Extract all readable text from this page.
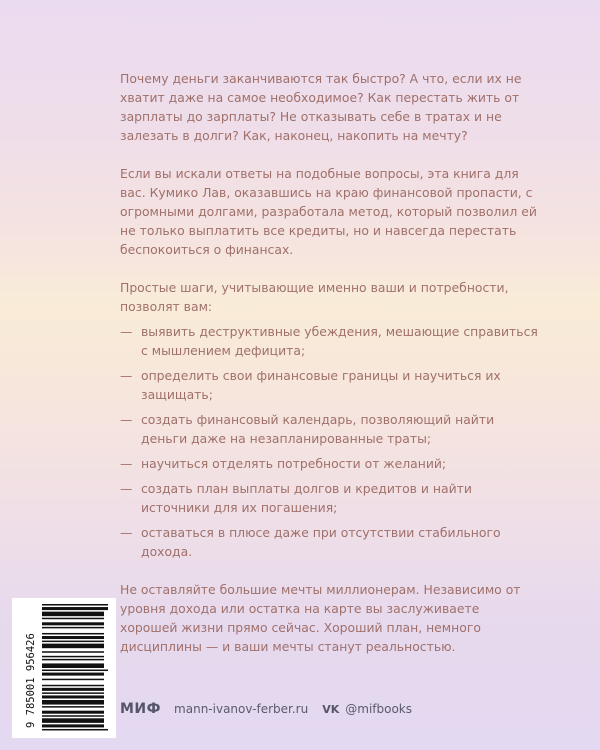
Почему деньги заканчиваются так быстро? А что, если их не хватит даже на самое необходимое? Как перестать жить от зарплаты до зарплаты? Не отказывать себе в тратах и не залезать в долги? Как, наконец, накопить на мечту?

Если вы искали ответы на подобные вопросы, эта книга для вас. Кумико Лав, оказавшись на краю финансовой пропасти, с огромными долгами, разработала метод, который позволил ей не только выплатить все кредиты, но и навсегда перестать беспокоиться о финансах.

Простые шаги, учитывающие именно ваши и потребности, позволят вам:

— выявить деструктивные убеждения, мешающие справиться с мышлением дефицита;
— определить свои финансовые границы и научиться их защищать;
— создать финансовый календарь, позволяющий найти деньги даже на незапланированные траты;
— научиться отделять потребности от желаний;
— создать план выплаты долгов и кредитов и найти источники для их погашения;
— оставаться в плюсе даже при отсутствии стабильного дохода.

Не оставляйте большие мечты миллионерам. Независимо от уровня дохода или остатка на карте вы заслуживаете хорошей жизни прямо сейчас. Хороший план, немного дисциплины — и ваши мечты станут реальностью.

9 785001 956426	МИФ mann-ivanov-ferber.ru VK @mifbooks
